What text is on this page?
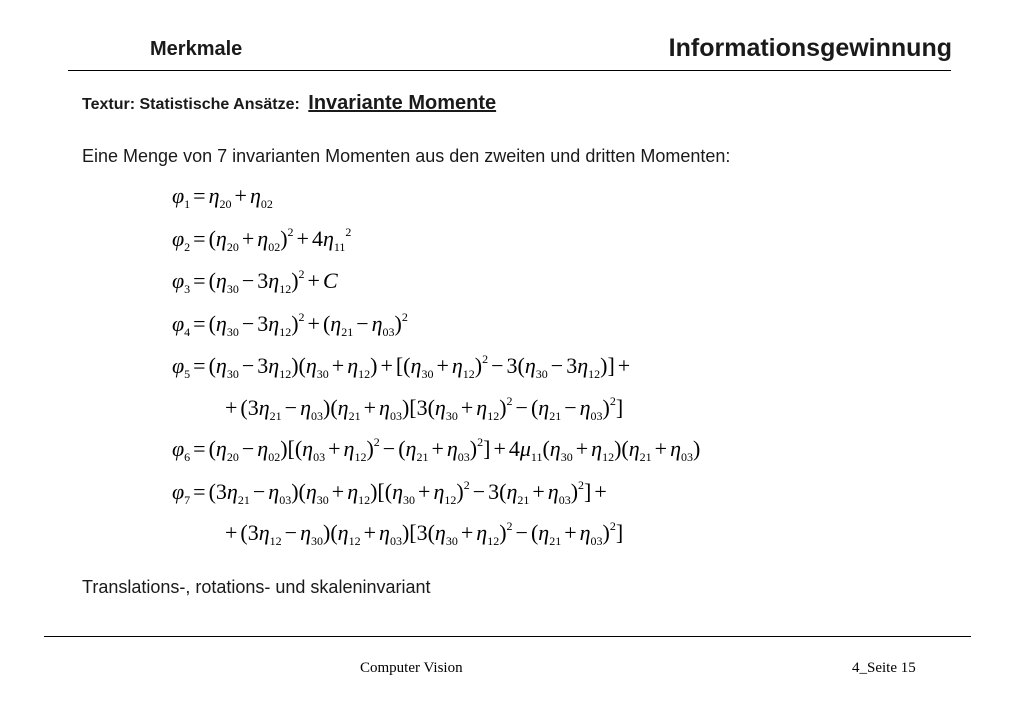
Merkmale	Informationsgewinnung
Textur: Statistische Ansätze: Invariante Momente
Eine Menge von 7 invarianten Momenten aus den zweiten und dritten Momenten:
$\varphi_1 = \eta_{20} + \eta_{02}$
$\varphi_2 = (\eta_{20} + \eta_{02})^2 + 4\eta_{11}^2$
$\varphi_3 = (\eta_{30} - 3\eta_{12})^2 + C$
$\varphi_4 = (\eta_{30} - 3\eta_{12})^2 + (\eta_{21} - \eta_{03})^2$
$\varphi_5 = (\eta_{30} - 3\eta_{12})(\eta_{30} + \eta_{12}) + [(\eta_{30} + \eta_{12})^2 - 3(\eta_{30} - 3\eta_{12})]$ +
+ $(3\eta_{21} - \eta_{03})(\eta_{21} + \eta_{03})[3(\eta_{30} + \eta_{12})^2 - (\eta_{21} - \eta_{03})^2]$
$\varphi_6 = (\eta_{20} - \eta_{02})[(\eta_{03} + \eta_{12})^2 - (\eta_{21} + \eta_{03})^2] + 4\mu_{11}(\eta_{30} + \eta_{12})(\eta_{21} + \eta_{03})$
$\varphi_7 = (3\eta_{21} - \eta_{03})(\eta_{30} + \eta_{12})[(\eta_{30} + \eta_{12})^2 - 3(\eta_{21} + \eta_{03})^2]$ +
+ $(3\eta_{12} - \eta_{30})(\eta_{12} + \eta_{03})[3(\eta_{30} + \eta_{12})^2 - (\eta_{21} + \eta_{03})^2]$
Translations-, rotations- und skaleninvariant
Computer Vision	4_Seite 15
